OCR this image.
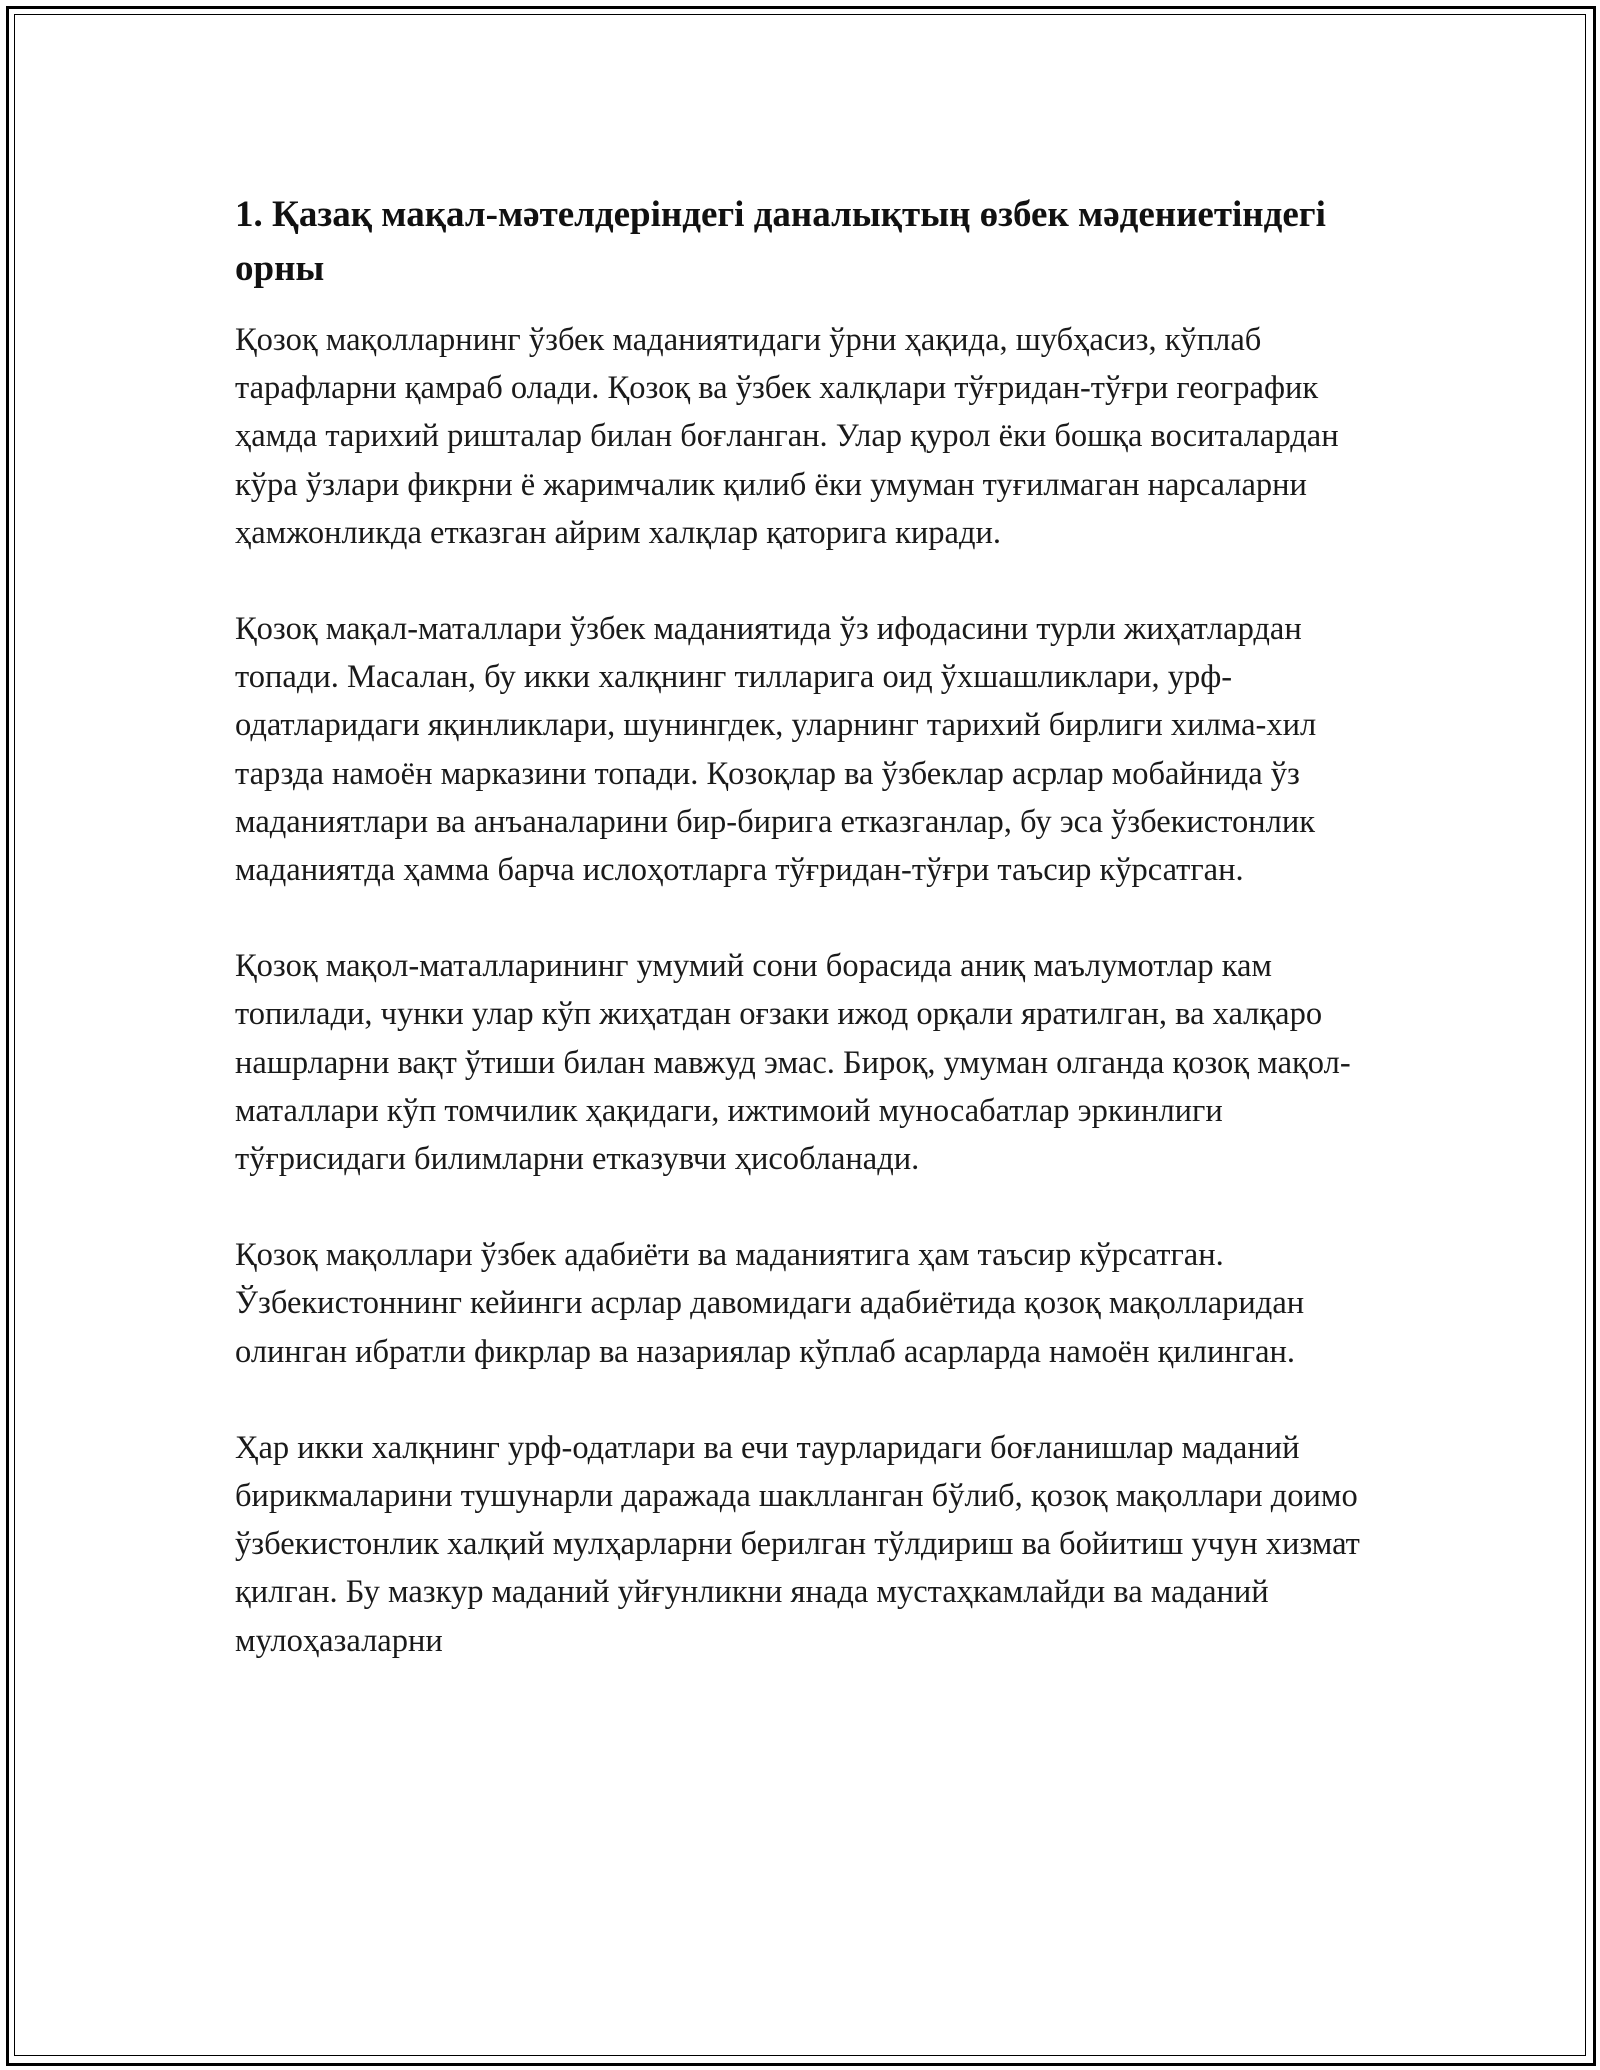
1. Қазақ мақал-мәтелдеріндегі даналықтың өзбек мәдениетіндегі орны

Қозоқ мақолларнинг ўзбек маданиятидаги ўрни ҳақида, шубҳасиз, кўплаб тарафларни қамраб олади. Қозоқ ва ўзбек халқлари тўғридан-тўғри географик ҳамда тарихий ришталар билан боғланган. Улар қурол ёки бошқа воситалардан кўра ўзлари фикрни ё жаримчалик қилиб ёки умуман туғилмаган нарсаларни ҳамжонликда етказган айрим халқлар қаторига киради.

Қозоқ мақал-маталлари ўзбек маданиятида ўз ифодасини турли жиҳатлардан топади. Масалан, бу икки халқнинг тилларига оид ўхшашликлари, урф-одатларидаги яқинликлари, шунингдек, уларнинг тарихий бирлиги хилма-хил тарзда намоён марказини топади. Қозоқлар ва ўзбеклар асрлар мобайнида ўз маданиятлари ва анъаналарини бир-бирига етказганлар, бу эса ўзбекистонлик маданиятда ҳамма барча ислоҳотларга тўғридан-тўғри таъсир кўрсатган.

Қозоқ мақол-маталларининг умумий сони борасида аниқ маълумотлар кам топилади, чунки улар кўп жиҳатдан оғзаки ижод орқали яратилган, ва халқаро нашрларни вақт ўтиши билан мавжуд эмас. Бироқ, умуман олганда қозоқ мақол-маталлари кўп томчилик ҳақидаги, ижтимоий муносабатлар эркинлиги тўғрисидаги билимларни етказувчи ҳисобланади.

Қозоқ мақоллари ўзбек адабиёти ва маданиятига ҳам таъсир кўрсатган. Ўзбекистоннинг кейинги асрлар давомидаги адабиётида қозоқ мақолларидан олинган ибратли фикрлар ва назариялар кўплаб асарларда намоён қилинган.

Ҳар икки халқнинг урф-одатлари ва ечи таурларидаги боғланишлар маданий бирикмаларини тушунарли даражада шаклланган бўлиб, қозоқ мақоллари доимо ўзбекистонлик халқий мулҳарларни берилган тўлдириш ва бойитиш учун хизмат қилган. Бу мазкур маданий уйғунликни янада мустаҳкамлайди ва маданий мулоҳазаларни
